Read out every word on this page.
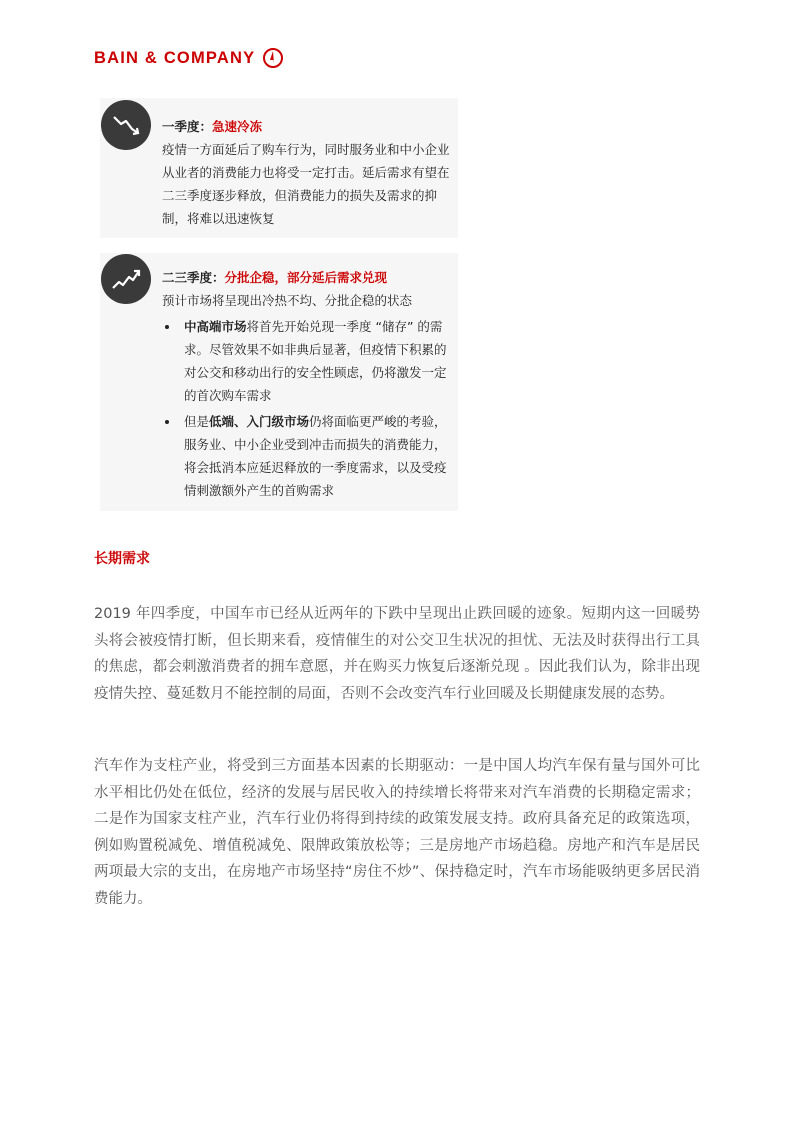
BAIN & COMPANY
一季度：急速冷冻
疫情一方面延后了购车行为，同时服务业和中小企业从业者的消费能力也将受一定打击。延后需求有望在二三季度逐步释放，但消费能力的损失及需求的抑制，将难以迅速恢复
二三季度：分批企稳，部分延后需求兑现
预计市场将呈现出冷热不均、分批企稳的状态
中高端市场将首先开始兑现一季度 “储存” 的需求。尽管效果不如非典后显著，但疫情下积累的对公交和移动出行的安全性顾虑，仍将激发一定的首次购车需求
但是低端、入门级市场仍将面临更严峻的考验，服务业、中小企业受到冲击而损失的消费能力，将会抵消本应延迟释放的一季度需求，以及受疫情刺激额外产生的首购需求
长期需求
2019 年四季度，中国车市已经从近两年的下跌中呈现出止跌回暖的迹象。短期内这一回暖势头将会被疫情打断，但长期来看，疫情催生的对公交卫生状况的担忧、无法及时获得出行工具的焦虑，都会刺激消费者的拥车意愿，并在购买力恢复后逐渐兑现 。因此我们认为，除非出现疫情失控、蔓延数月不能控制的局面，否则不会改变汽车行业回暖及长期健康发展的态势。
汽车作为支柱产业，将受到三方面基本因素的长期驱动：一是中国人均汽车保有量与国外可比水平相比仍处在低位，经济的发展与居民收入的持续增长将带来对汽车消费的长期稳定需求；二是作为国家支柱产业，汽车行业仍将得到持续的政策发展支持。政府具备充足的政策选项，例如购置税减免、增值税减免、限牌政策放松等；三是房地产市场趋稳。房地产和汽车是居民两项最大宗的支出，在房地产市场坚持“房住不炒”、保持稳定时，汽车市场能吸纳更多居民消费能力。
